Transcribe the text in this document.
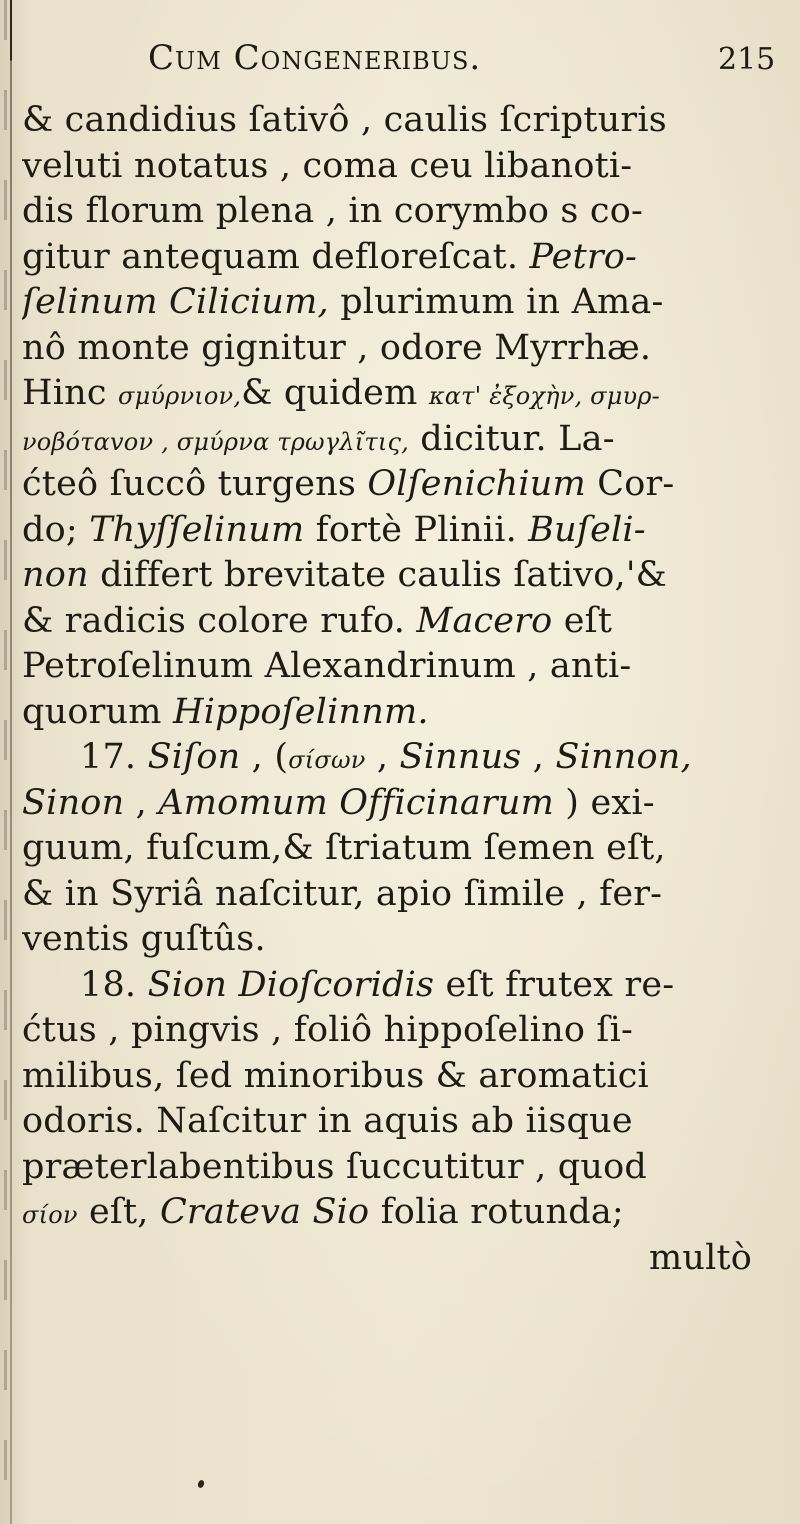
Cum Congeneribus.	215
& candidius ſativô , caulis ſcripturis
veluti notatus , coma ceu libanoti-
dis florum plena , in corymbo s co-
gitur antequam defloreſcat. Petro-
ſelinum Cilicium, plurimum in Ama-
nô monte gignitur , odore Myrrhæ.
Hinc σμύρνιον,& quidem κατ' ἐξοχὴν, σμυρ-
νοβόταvον , σμύρνα τρωγλῖτις, dicitur. La-
ćteô ſuccô turgens Olſenichium Cor-
do; Thyſſelinum fortè Plinii. Buſeli-
non differt brevitate caulis ſativo,'&
& radicis colore rufo. Macero eſt
Petroſelinum Alexandrinum , anti-
quorum Hippoſelinnm.
17. Siſon , (σίσων , Sinnus , Sinnon,
Sinon , Amomum Officinarum ) exi-
guum, fuſcum,& ſtriatum ſemen eſt,
& in Syriâ naſcitur, apio ſimile , fer-
ventis guſtûs.
18. Sion Dioſcoridis eſt frutex re-
ćtus , pingvis , foliô hippoſelino ſi-
milibus, ſed minoribus & aromatici
odoris. Naſcitur in aquis ab iisque
præterlabentibus ſuccutitur , quod
σίον eſt, Crateva Sio folia rotunda;
multò
